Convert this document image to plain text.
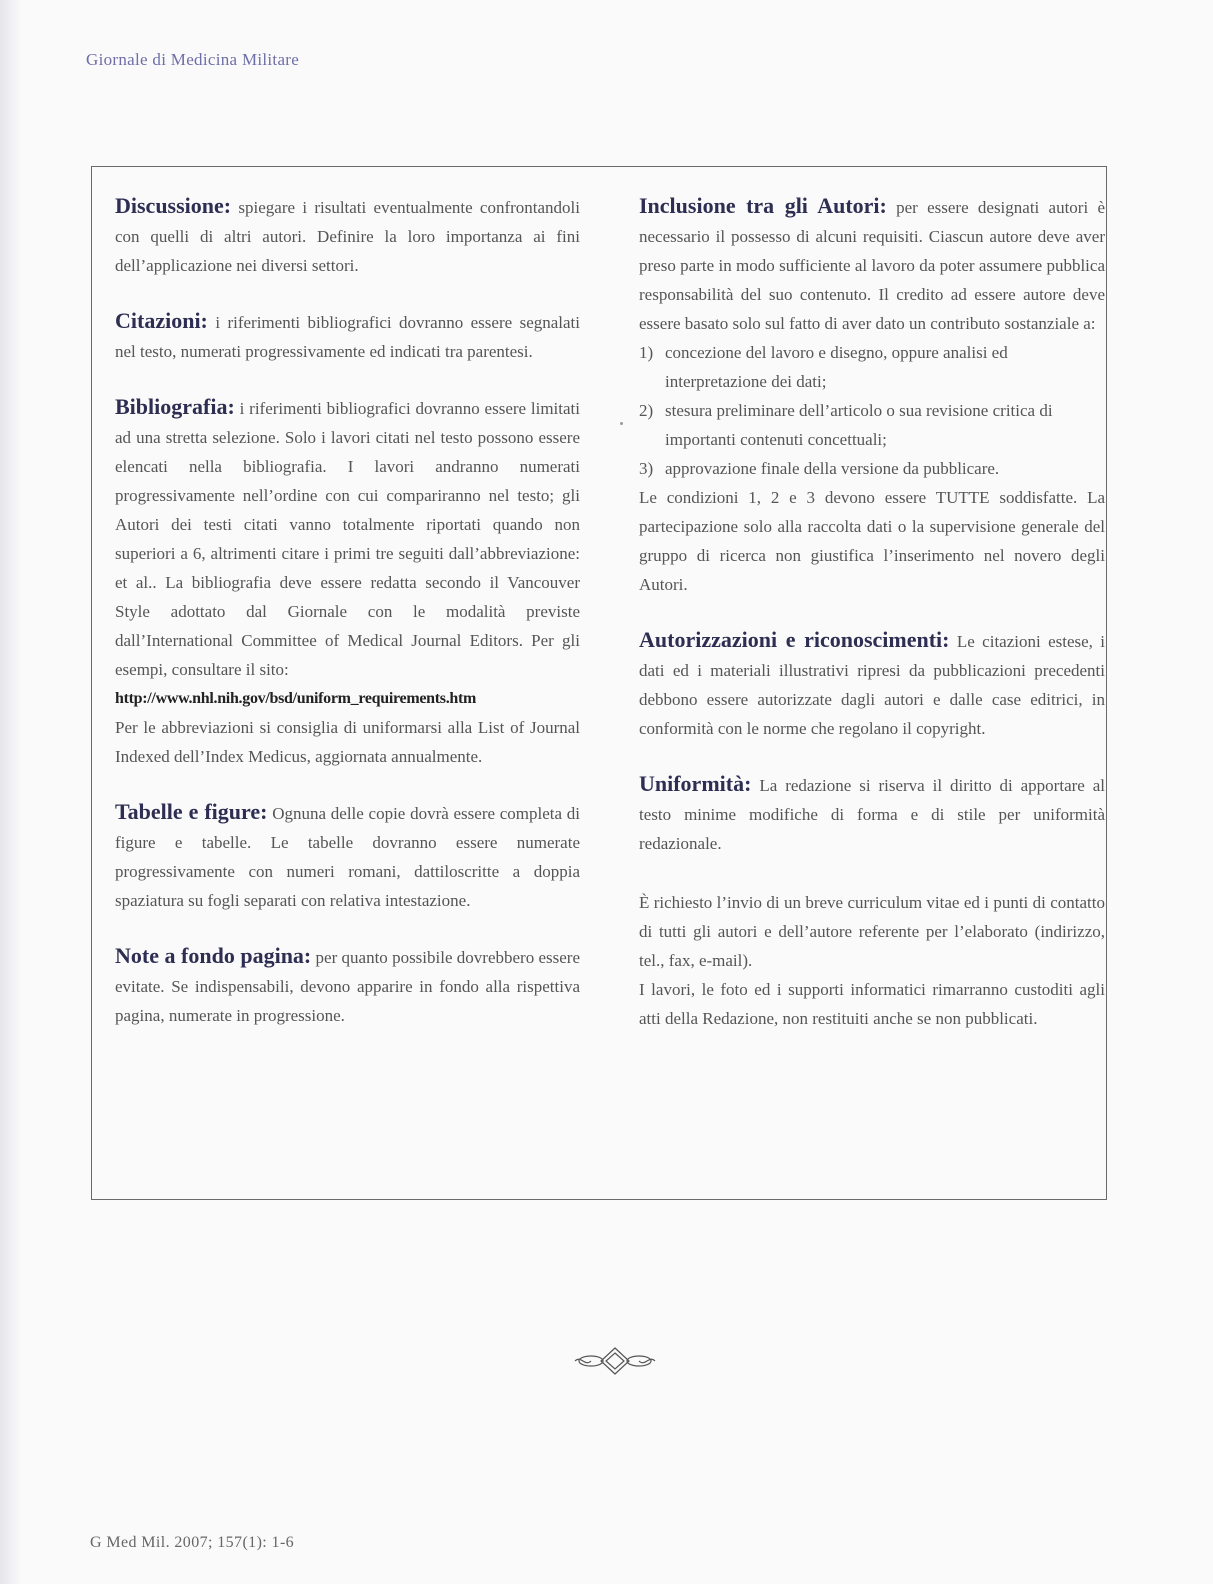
Giornale di Medicina Militare

Discussione: spiegare i risultati eventualmente confrontandoli con quelli di altri autori. Definire la loro importanza ai fini dell’applicazione nei diversi settori.

Citazioni: i riferimenti bibliografici dovranno essere segnalati nel testo, numerati progressivamente ed indicati tra parentesi.

Bibliografia: i riferimenti bibliografici dovranno essere limitati ad una stretta selezione. Solo i lavori citati nel testo possono essere elencati nella bibliografia. I lavori andranno numerati progressivamente nell’ordine con cui compariranno nel testo; gli Autori dei testi citati vanno totalmente riportati quando non superiori a 6, altrimenti citare i primi tre seguiti dall’abbreviazione: et al.. La bibliografia deve essere redatta secondo il Vancouver Style adottato dal Giornale con le modalità previste dall’International Committee of Medical Journal Editors. Per gli esempi, consultare il sito:
http://www.nhl.nih.gov/bsd/uniform_requirements.htm
Per le abbreviazioni si consiglia di uniformarsi alla List of Journal Indexed dell’Index Medicus, aggiornata annualmente.

Tabelle e figure: Ognuna delle copie dovrà essere completa di figure e tabelle. Le tabelle dovranno essere numerate progressivamente con numeri romani, dattiloscritte a doppia spaziatura su fogli separati con relativa intestazione.

Note a fondo pagina: per quanto possibile dovrebbero essere evitate. Se indispensabili, devono apparire in fondo alla rispettiva pagina, numerate in progressione.

Inclusione tra gli Autori: per essere designati autori è necessario il possesso di alcuni requisiti. Ciascun autore deve aver preso parte in modo sufficiente al lavoro da poter assumere pubblica responsabilità del suo contenuto. Il credito ad essere autore deve essere basato solo sul fatto di aver dato un contributo sostanziale a:
1) concezione del lavoro e disegno, oppure analisi ed interpretazione dei dati;
2) stesura preliminare dell’articolo o sua revisione critica di importanti contenuti concettuali;
3) approvazione finale della versione da pubblicare.
Le condizioni 1, 2 e 3 devono essere TUTTE soddisfatte. La partecipazione solo alla raccolta dati o la supervisione generale del gruppo di ricerca non giustifica l’inserimento nel novero degli Autori.

Autorizzazioni e riconoscimenti: Le citazioni estese, i dati ed i materiali illustrativi ripresi da pubblicazioni precedenti debbono essere autorizzate dagli autori e dalle case editrici, in conformità con le norme che regolano il copyright.

Uniformità: La redazione si riserva il diritto di apportare al testo minime modifiche di forma e di stile per uniformità redazionale.

È richiesto l’invio di un breve curriculum vitae ed i punti di contatto di tutti gli autori e dell’autore referente per l’elaborato (indirizzo, tel., fax, e-mail).
I lavori, le foto ed i supporti informatici rimarranno custoditi agli atti della Redazione, non restituiti anche se non pubblicati.

G Med Mil. 2007; 157(1): 1-6
